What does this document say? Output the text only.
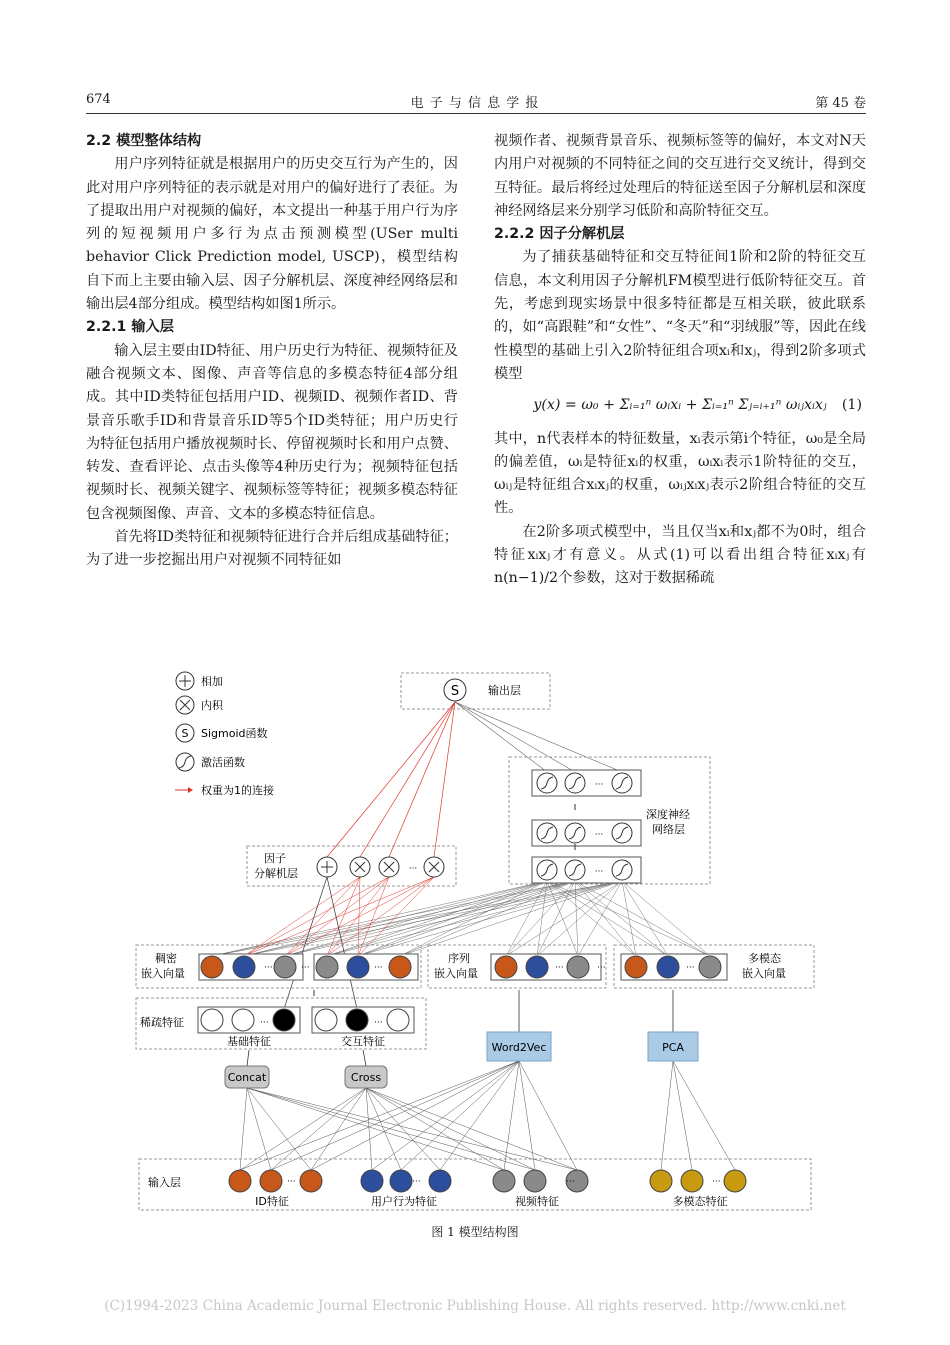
674	电 子 与 信 息 学 报	第 45 卷
2.2 模型整体结构

用户序列特征就是根据用户的历史交互行为产生的，因此对用户序列特征的表示就是对用户的偏好进行了表征。为了提取出用户对视频的偏好，本文提出一种基于用户行为序列的短视频用户多行为点击预测模型(USer multi behavior Click Prediction model, USCP)，模型结构自下而上主要由输入层、因子分解机层、深度神经网络层和输出层4部分组成。模型结构如图1所示。

2.2.1 输入层

输入层主要由ID特征、用户历史行为特征、视频特征及融合视频文本、图像、声音等信息的多模态特征4部分组成。其中ID类特征包括用户ID、视频ID、视频作者ID、背景音乐歌手ID和背景音乐ID等5个ID类特征；用户历史行为特征包括用户播放视频时长、停留视频时长和用户点赞、转发、查看评论、点击头像等4种历史行为；视频特征包括视频时长、视频关键字、视频标签等特征；视频多模态特征包含视频图像、声音、文本的多模态特征信息。

首先将ID类特征和视频特征进行合并后组成基础特征；为了进一步挖掘出用户对视频不同特征如

视频作者、视频背景音乐、视频标签等的偏好，本文对N天内用户对视频的不同特征之间的交互进行交叉统计，得到交互特征。最后将经过处理后的特征送至因子分解机层和深度神经网络层来分别学习低阶和高阶特征交互。

2.2.2 因子分解机层

为了捕获基础特征和交互特征间1阶和2阶的特征交互信息，本文利用因子分解机FM模型进行低阶特征交互。首先，考虑到现实场景中很多特征都是互相关联，彼此联系的，如“高跟鞋”和“女性”、“冬天”和“羽绒服”等，因此在线性模型的基础上引入2阶特征组合项xᵢ和xⱼ，得到2阶多项式模型

y(x) = ω₀ + Σᵢ₌₁ⁿ ωᵢxᵢ + Σᵢ₌₁ⁿ Σⱼ₌ᵢ₊₁ⁿ ωᵢⱼxᵢxⱼ (1)

其中，n代表样本的特征数量，xᵢ表示第i个特征，ω₀是全局的偏差值，ωᵢ是特征xᵢ的权重，ωᵢxᵢ表示1阶特征的交互，ωᵢⱼ是特征组合xᵢxⱼ的权重，ωᵢⱼxᵢxⱼ表示2阶组合特征的交互性。

在2阶多项式模型中，当且仅当xᵢ和xⱼ都不为0时，组合特征xᵢxⱼ才有意义。从式(1)可以看出组合特征xᵢxⱼ有n(n−1)/2个参数，这对于数据稀疏

相加
内积
S Sigmoid函数
激活函数
权重为1的连接
S	输出层
深度神经
网络层
···
···
···
因子
分解机层	···
稠密
嵌入向量
序列
嵌入向量
多模态
嵌入向量
···	···	···	···	···	···
稀疏特征	···	···
基础特征	交互特征	Word2Vec	PCA
Concat	Cross
输入层	···	···	···	···
ID特征	用户行为特征	视频特征	多模态特征
图 1 模型结构图
(C)1994-2023 China Academic Journal Electronic Publishing House. All rights reserved. http://www.cnki.net
